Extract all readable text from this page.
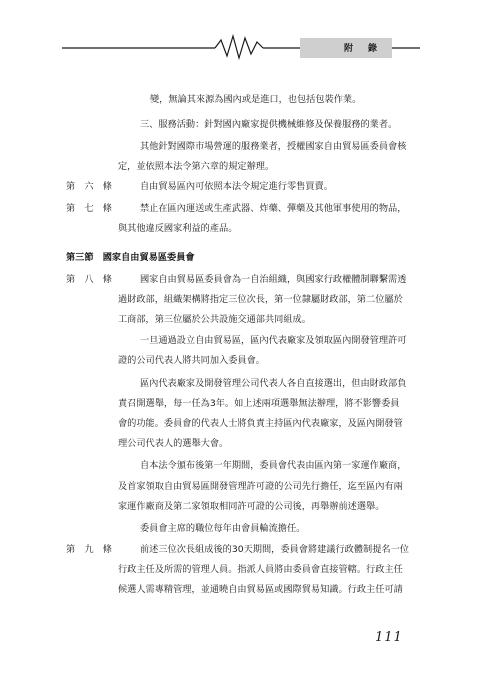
附　錄

變，無論其來源為國內或是進口，也包括包裝作業。

三、服務活動：針對國內廠家提供機械維修及保養服務的業者。

其他針對國際市場營運的服務業者，授權國家自由貿易區委員會核

定，並依照本法令第六章的規定辦理。

第　六　條	自由貿易區內可依照本法令規定進行零售買賣。

第　七　條	禁止在區內運送或生產武器、炸藥、彈藥及其他軍事使用的物品，

與其他違反國家利益的產品。

第三節　國家自由貿易區委員會

第　八　條	國家自由貿易區委員會為一自治組織，與國家行政權體制聯繫需透

過財政部，組織架構將指定三位次長，第一位隸屬財政部，第二位屬於

工商部，第三位屬於公共設施交通部共同組成。

一旦通過設立自由貿易區，區內代表廠家及領取區內開發管理許可

證的公司代表人將共同加入委員會。

區內代表廠家及開發管理公司代表人各自直接選出，但由財政部負

責召開選舉，每一任為3年。如上述兩項選舉無法辦理，將不影響委員

會的功能。委員會的代表人士將負責主持區內代表廠家，及區內開發管

理公司代表人的選舉大會。

自本法令頒布後第一年期間，委員會代表由區內第一家運作廠商，

及首家領取自由貿易區開發管理許可證的公司先行擔任，迄至區內有兩

家運作廠商及第二家領取相同許可證的公司後，再舉辦前述選舉。

委員會主席的職位每年由會員輪流擔任。

第　九　條	前述三位次長組成後的30天期間，委員會將建議行政體制提名一位

行政主任及所需的管理人員。指派人員將由委員會直接管轄。行政主任

候選人需專精管理，並通曉自由貿易區或國際貿易知識。行政主任可請

111
